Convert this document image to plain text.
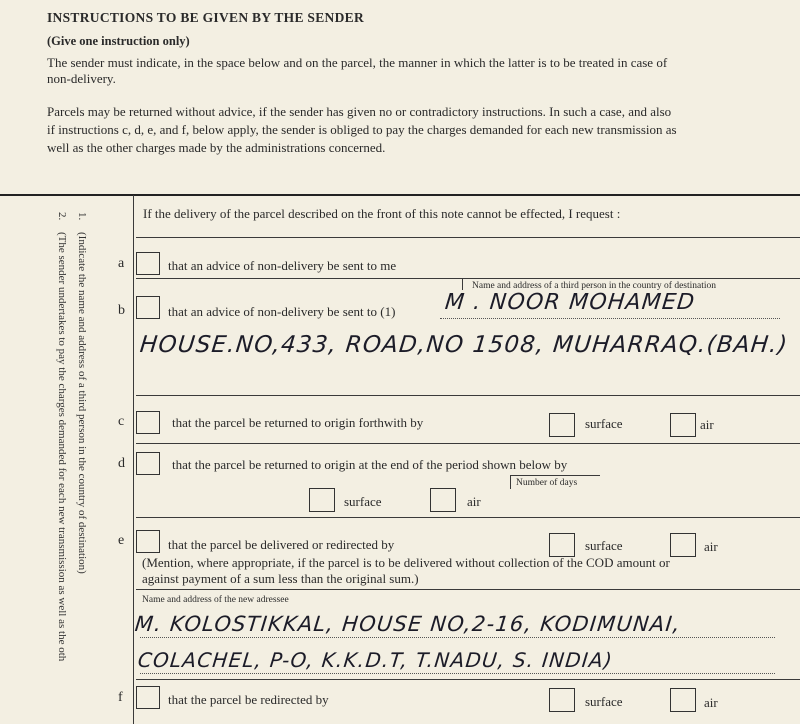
INSTRUCTIONS TO BE GIVEN BY THE SENDER
(Give one instruction only)
The sender must indicate, in the space below and on the parcel, the manner in which the latter is to be treated in case of
non-delivery.
Parcels may be returned without advice, if the sender has given no or contradictory instructions. In such a case, and also
if instructions c, d, e, and f, below apply, the sender is obliged to pay the charges demanded for each new transmission as
well as the other charges made by the administrations concerned.
1.
(Indicate the name and address of a third person in the country of destination)
2.
(The sender undertakes to pay the charges demanded for each new transmission as well as the oth
If the delivery of the parcel described on the front of this note cannot be effected, I request :
a	that an advice of non-delivery be sent to me
Name and address of a third person in the country of destination
b	that an advice of non-delivery be sent to (1) M . NOOR MOHAMED
HOUSE.NO,433, ROAD,NO 1508, MUHARRAQ.(BAH.)
c	that the parcel be returned to origin forthwith by	surface	air
d	that the parcel be returned to origin at the end of the period shown below by
Number of days
surface	air
e	that the parcel be delivered or redirected by	surface	air
(Mention, where appropriate, if the parcel is to be delivered without collection of the COD amount or
against payment of a sum less than the original sum.)
Name and address of the new adressee
M. KOLOSTIKKAL, HOUSE NO,2-16, KODIMUNAI,
COLACHEL, P-O, K.K.D.T, T.NADU, S. INDIA)
f	that the parcel be redirected by	surface	air
